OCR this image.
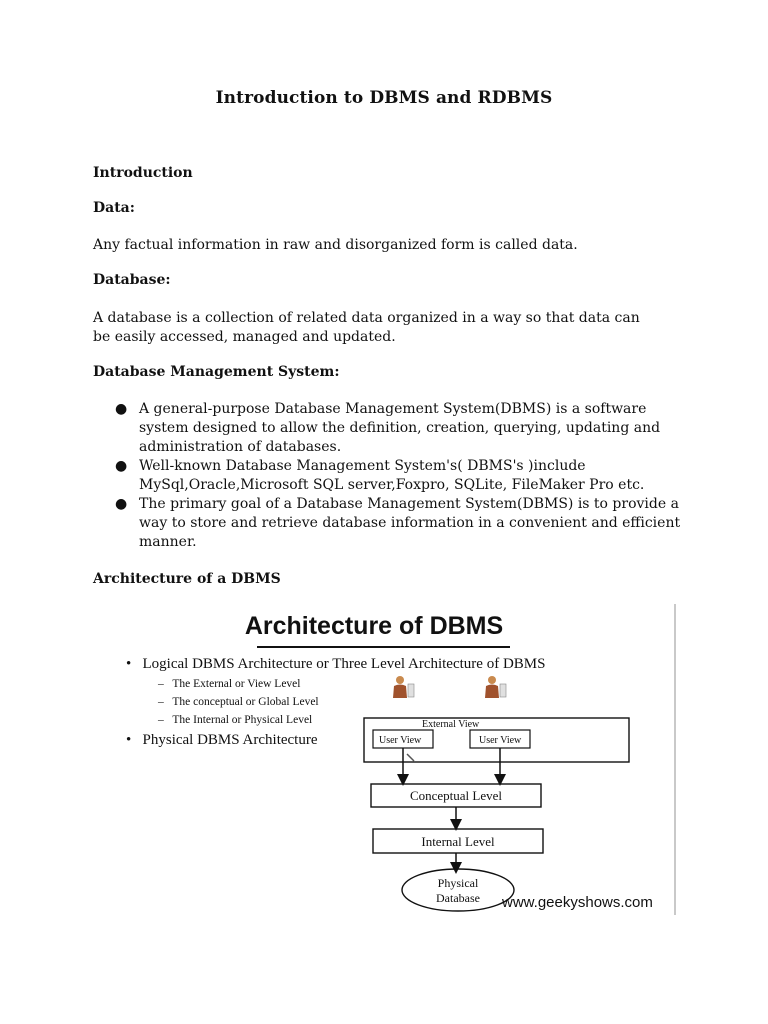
Introduction to DBMS and RDBMS
Introduction
Data:
Any factual information in raw and disorganized form is called data.
Database:
A database is a collection of related data organized in a way so that data can
be easily accessed, managed and updated.
Database Management System:
● A general-purpose Database Management System(DBMS) is a software
system designed to allow the definition, creation, querying, updating and
administration of databases.
● Well-known Database Management System's( DBMS's )include
MySql,Oracle,Microsoft SQL server,Foxpro, SQLite, FileMaker Pro etc.
● The primary goal of a Database Management System(DBMS) is to provide a
way to store and retrieve database information in a convenient and efficient
manner.
Architecture of a DBMS
Architecture of DBMS
•   Logical DBMS Architecture or Three Level Architecture of DBMS
–   The External or View Level
–   The conceptual or Global Level
–   The Internal or Physical Level
•   Physical DBMS Architecture
External View
User View	User View
Conceptual Level
Internal Level
Physical
Database www.geekyshows.com
